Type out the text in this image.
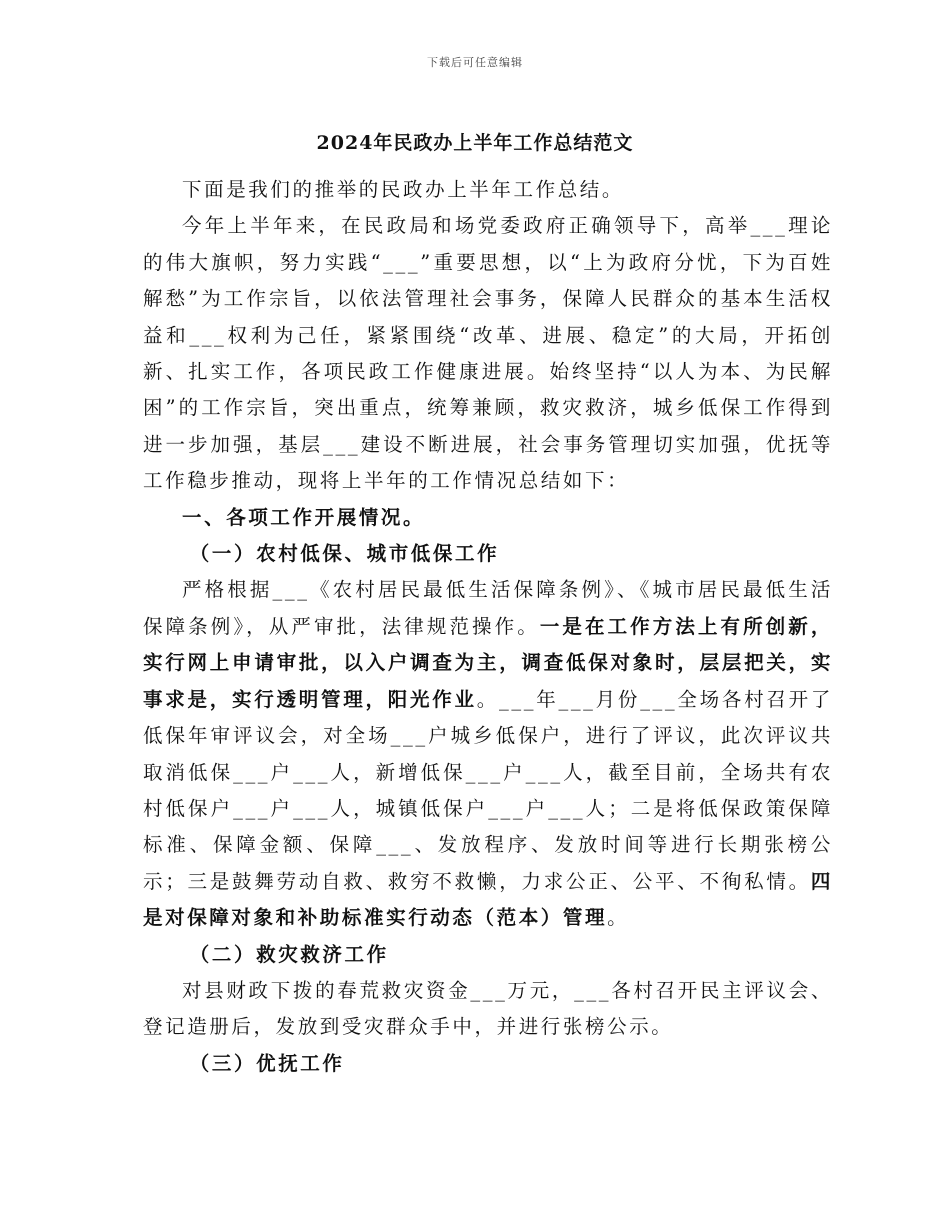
下载后可任意编辑
2024年民政办上半年工作总结范文

下面是我们的推举的民政办上半年工作总结。

今年上半年来，在民政局和场党委政府正确领导下，高举___理论的伟大旗帜，努力实践“___”重要思想，以“上为政府分忧，下为百姓解愁”为工作宗旨，以依法管理社会事务，保障人民群众的基本生活权益和___权利为己任，紧紧围绕“改革、进展、稳定”的大局，开拓创新、扎实工作，各项民政工作健康进展。始终坚持“以人为本、为民解困”的工作宗旨，突出重点，统筹兼顾，救灾救济，城乡低保工作得到进一步加强，基层___建设不断进展，社会事务管理切实加强，优抚等工作稳步推动，现将上半年的工作情况总结如下：

一、各项工作开展情况。

（一）农村低保、城市低保工作

严格根据___《农村居民最低生活保障条例》、《城市居民最低生活保障条例》，从严审批，法律规范操作。一是在工作方法上有所创新，实行网上申请审批，以入户调查为主，调查低保对象时，层层把关，实事求是，实行透明管理，阳光作业。___年___月份___全场各村召开了低保年审评议会，对全场___户城乡低保户，进行了评议，此次评议共取消低保___户___人，新增低保___户___人，截至目前，全场共有农村低保户___户___人，城镇低保户___户___人；二是将低保政策保障标准、保障金额、保障___、发放程序、发放时间等进行长期张榜公示；三是鼓舞劳动自救、救穷不救懒，力求公正、公平、不徇私情。四是对保障对象和补助标准实行动态（范本）管理。

（二）救灾救济工作

对县财政下拨的春荒救灾资金___万元，___各村召开民主评议会、登记造册后，发放到受灾群众手中，并进行张榜公示。

（三）优抚工作
